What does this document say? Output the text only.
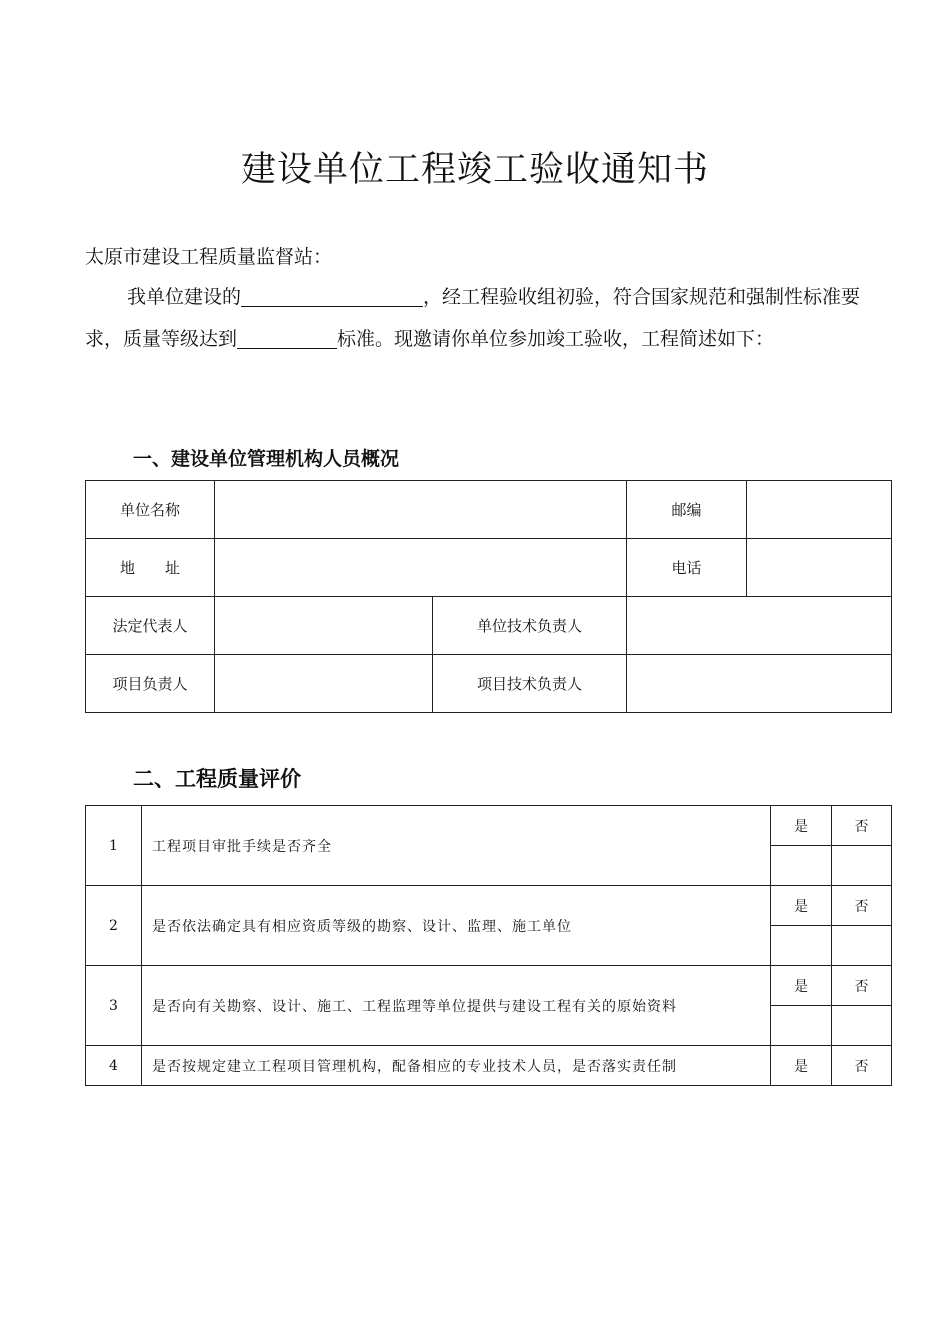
建设单位工程竣工验收通知书
太原市建设工程质量监督站：
我单位建设的	，经工程验收组初验，符合国家规范和强制性标准要求，质量等级达到	标准。现邀请你单位参加竣工验收，工程简述如下：
一、建设单位管理机构人员概况
单位名称			邮编	
地　　址			电话	
法定代表人		单位技术负责人		
项目负责人		项目技术负责人		
二、工程质量评价
1	工程项目审批手续是否齐全	是	否

2	是否依法确定具有相应资质等级的勘察、设计、监理、施工单位	是	否

3	是否向有关勘察、设计、施工、工程监理等单位提供与建设工程有关的原始资料	是	否

4	是否按规定建立工程项目管理机构，配备相应的专业技术人员，是否落实责任制	是	否
